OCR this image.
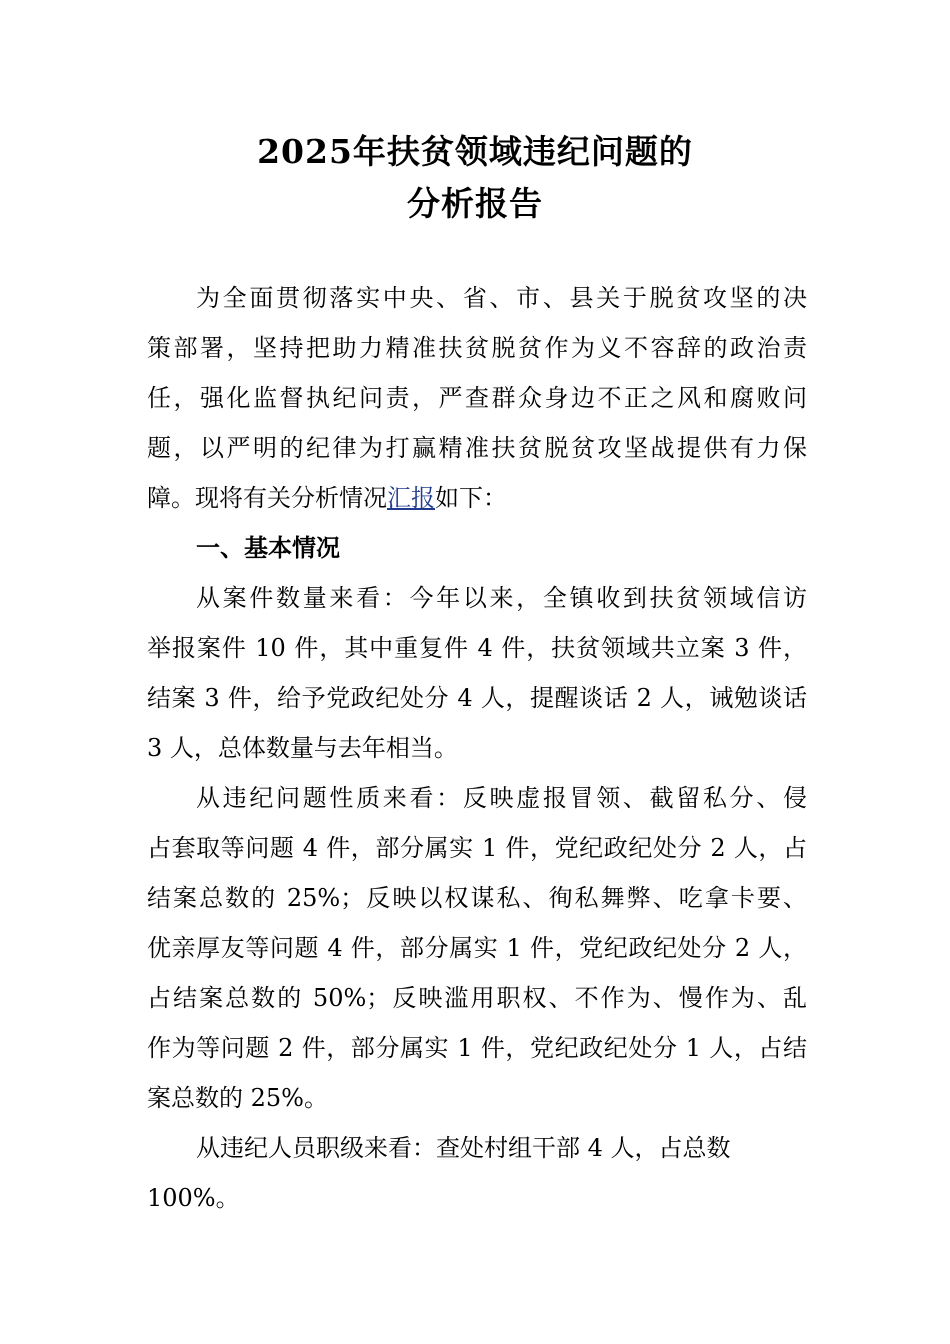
2025年扶贫领域违纪问题的
分析报告
为全面贯彻落实中央、省、市、县关于脱贫攻坚的决
策部署，坚持把助力精准扶贫脱贫作为义不容辞的政治责
任，强化监督执纪问责，严查群众身边不正之风和腐败问
题，以严明的纪律为打赢精准扶贫脱贫攻坚战提供有力保
障。现将有关分析情况汇报如下：
一、基本情况
从案件数量来看：今年以来，全镇收到扶贫领域信访
举报案件 10 件，其中重复件 4 件，扶贫领域共立案 3 件，
结案 3 件，给予党政纪处分 4 人，提醒谈话 2 人，诫勉谈话
3 人，总体数量与去年相当。
从违纪问题性质来看：反映虚报冒领、截留私分、侵
占套取等问题 4 件，部分属实 1 件，党纪政纪处分 2 人，占
结案总数的 25%；反映以权谋私、徇私舞弊、吃拿卡要、
优亲厚友等问题 4 件，部分属实 1 件，党纪政纪处分 2 人，
占结案总数的 50%；反映滥用职权、不作为、慢作为、乱
作为等问题 2 件，部分属实 1 件，党纪政纪处分 1 人，占结
案总数的 25%。
从违纪人员职级来看：查处村组干部 4 人，占总数
100%。
